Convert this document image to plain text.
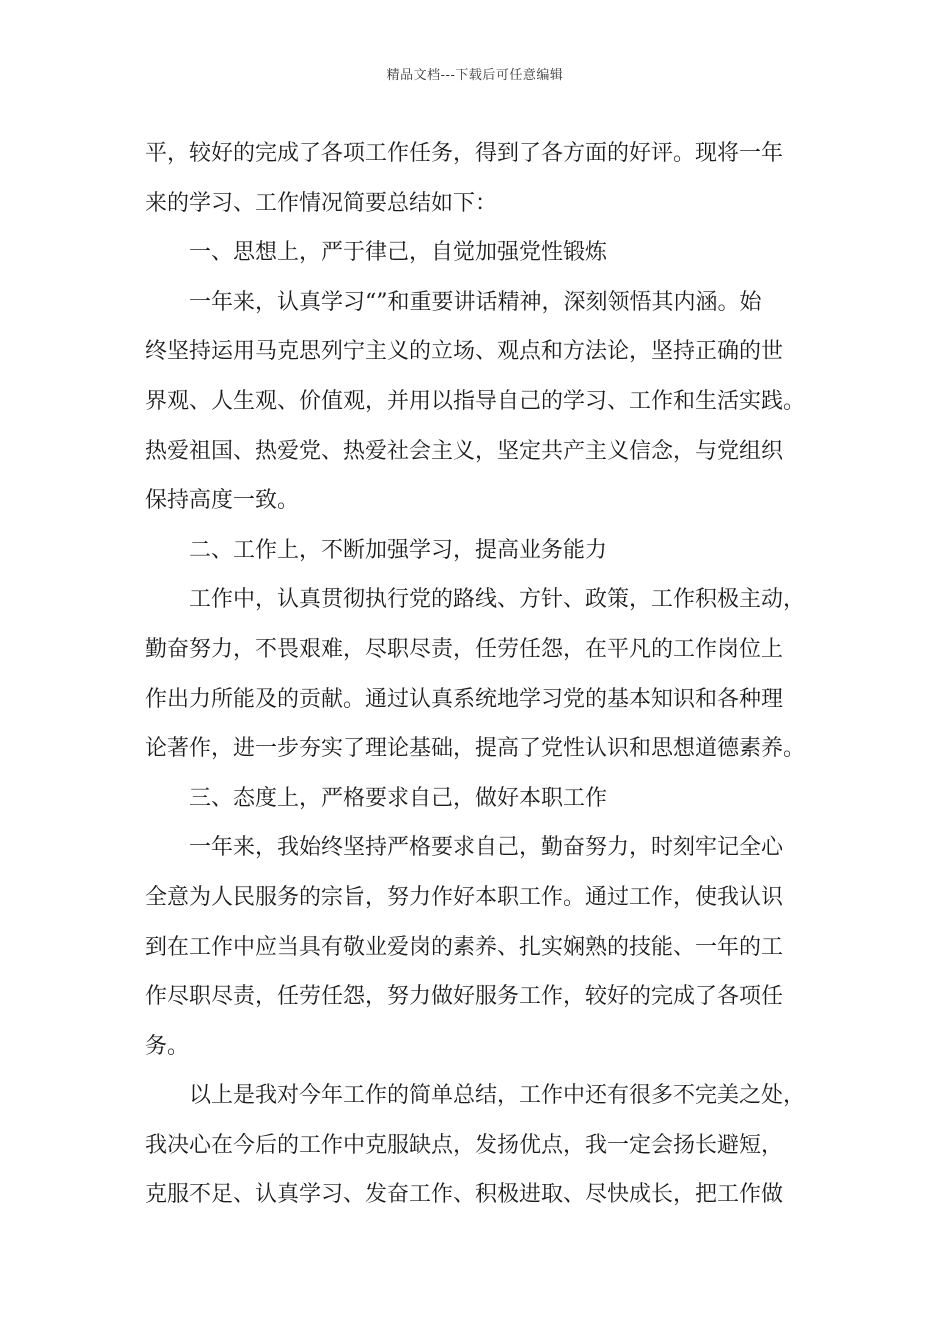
精品文档---下载后可任意编辑
平，较好的完成了各项工作任务，得到了各方面的好评。现将一年
来的学习、工作情况简要总结如下：
一、思想上，严于律己，自觉加强党性锻炼
一年来，认真学习“”和重要讲话精神，深刻领悟其内涵。始
终坚持运用马克思列宁主义的立场、观点和方法论，坚持正确的世
界观、人生观、价值观，并用以指导自己的学习、工作和生活实践。
热爱祖国、热爱党、热爱社会主义，坚定共产主义信念，与党组织
保持高度一致。
二、工作上，不断加强学习，提高业务能力
工作中，认真贯彻执行党的路线、方针、政策，工作积极主动，
勤奋努力，不畏艰难，尽职尽责，任劳任怨，在平凡的工作岗位上
作出力所能及的贡献。通过认真系统地学习党的基本知识和各种理
论著作，进一步夯实了理论基础，提高了党性认识和思想道德素养。
三、态度上，严格要求自己，做好本职工作
一年来，我始终坚持严格要求自己，勤奋努力，时刻牢记全心
全意为人民服务的宗旨，努力作好本职工作。通过工作，使我认识
到在工作中应当具有敬业爱岗的素养、扎实娴熟的技能、一年的工
作尽职尽责，任劳任怨，努力做好服务工作，较好的完成了各项任
务。
以上是我对今年工作的简单总结，工作中还有很多不完美之处，
我决心在今后的工作中克服缺点，发扬优点，我一定会扬长避短，
克服不足、认真学习、发奋工作、积极进取、尽快成长，把工作做
